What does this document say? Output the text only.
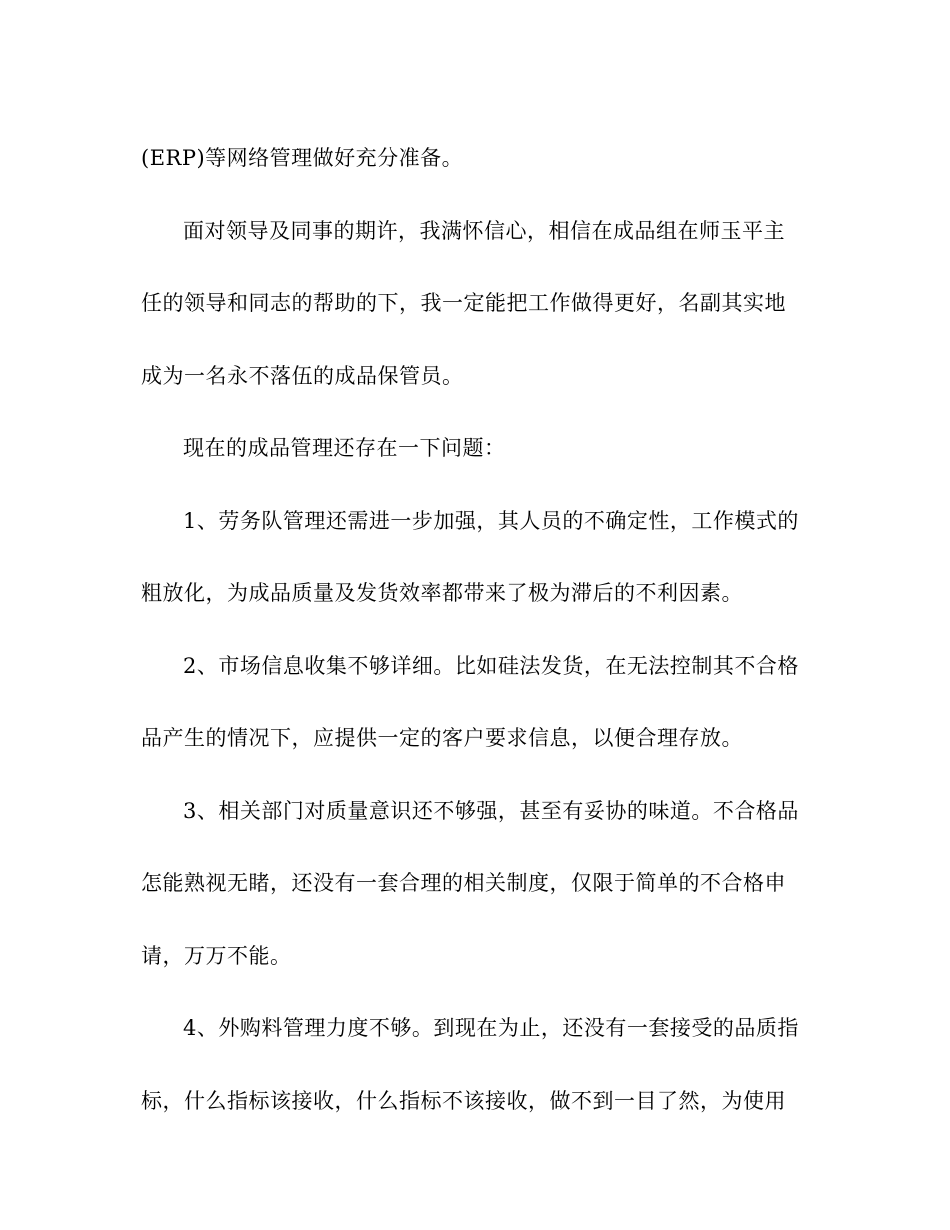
(ERP)等网络管理做好充分准备。
面对领导及同事的期许，我满怀信心，相信在成品组在师玉平主
任的领导和同志的帮助的下，我一定能把工作做得更好，名副其实地
成为一名永不落伍的成品保管员。
现在的成品管理还存在一下问题：
1、劳务队管理还需进一步加强，其人员的不确定性，工作模式的
粗放化，为成品质量及发货效率都带来了极为滞后的不利因素。
2、市场信息收集不够详细。比如硅法发货，在无法控制其不合格
品产生的情况下，应提供一定的客户要求信息，以便合理存放。
3、相关部门对质量意识还不够强，甚至有妥协的味道。不合格品
怎能熟视无睹，还没有一套合理的相关制度，仅限于简单的不合格申
请，万万不能。
4、外购料管理力度不够。到现在为止，还没有一套接受的品质指
标，什么指标该接收，什么指标不该接收，做不到一目了然，为使用
